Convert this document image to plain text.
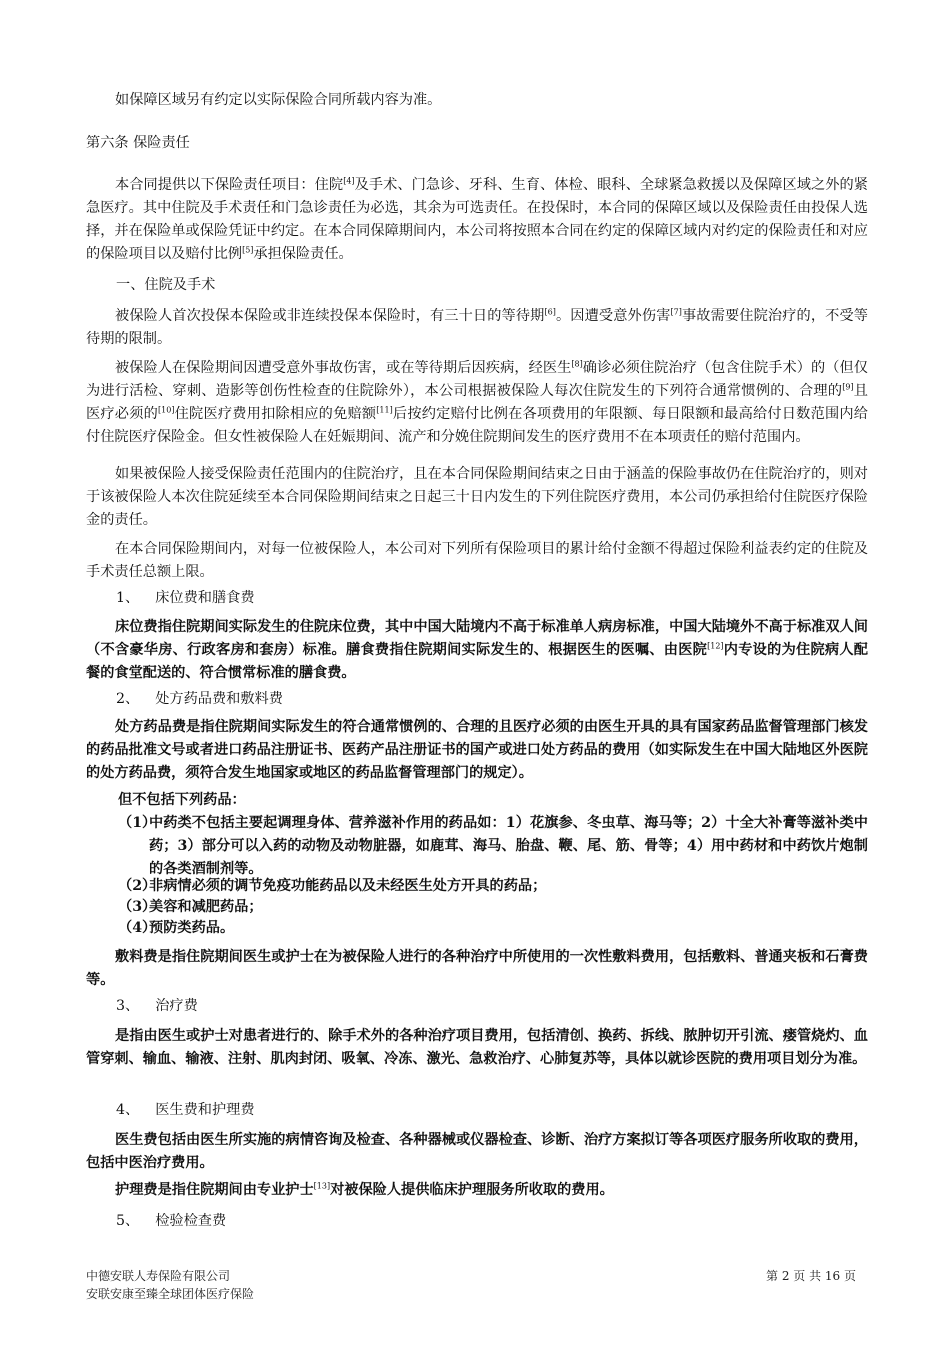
如保障区域另有约定以实际保险合同所载内容为准。

第六条 保险责任

本合同提供以下保险责任项目：住院[4]及手术、门急诊、牙科、生育、体检、眼科、全球紧急救援以及保障区域之外的紧急医疗。其中住院及手术责任和门急诊责任为必选，其余为可选责任。在投保时，本合同的保障区域以及保险责任由投保人选择，并在保险单或保险凭证中约定。在本合同保障期间内，本公司将按照本合同在约定的保障区域内对约定的保险责任和对应的保险项目以及赔付比例[5]承担保险责任。

一、住院及手术

被保险人首次投保本保险或非连续投保本保险时，有三十日的等待期[6]。因遭受意外伤害[7]事故需要住院治疗的，不受等待期的限制。

被保险人在保险期间因遭受意外事故伤害，或在等待期后因疾病，经医生[8]确诊必须住院治疗（包含住院手术）的（但仅为进行活检、穿刺、造影等创伤性检查的住院除外），本公司根据被保险人每次住院发生的下列符合通常惯例的、合理的[9]且医疗必须的[10]住院医疗费用扣除相应的免赔额[11]后按约定赔付比例在各项费用的年限额、每日限额和最高给付日数范围内给付住院医疗保险金。但女性被保险人在妊娠期间、流产和分娩住院期间发生的医疗费用不在本项责任的赔付范围内。

如果被保险人接受保险责任范围内的住院治疗，且在本合同保险期间结束之日由于涵盖的保险事故仍在住院治疗的，则对于该被保险人本次住院延续至本合同保险期间结束之日起三十日内发生的下列住院医疗费用，本公司仍承担给付住院医疗保险金的责任。

在本合同保险期间内，对每一位被保险人，本公司对下列所有保险项目的累计给付金额不得超过保险利益表约定的住院及手术责任总额上限。

1、 床位费和膳食费

床位费指住院期间实际发生的住院床位费，其中中国大陆境内不高于标准单人病房标准，中国大陆境外不高于标准双人间（不含豪华房、行政客房和套房）标准。膳食费指住院期间实际发生的、根据医生的医嘱、由医院[12]内专设的为住院病人配餐的食堂配送的、符合惯常标准的膳食费。

2、 处方药品费和敷料费

处方药品费是指住院期间实际发生的符合通常惯例的、合理的且医疗必须的由医生开具的具有国家药品监督管理部门核发的药品批准文号或者进口药品注册证书、医药产品注册证书的国产或进口处方药品的费用（如实际发生在中国大陆地区外医院的处方药品费，须符合发生地国家或地区的药品监督管理部门的规定）。

但不包括下列药品：

（1）
中药类不包括主要起调理身体、营养滋补作用的药品如：1）花旗参、冬虫草、海马等；2）十全大补膏等滋补类中药；3）部分可以入药的动物及动物脏器，如鹿茸、海马、胎盘、鞭、尾、筋、骨等；4）用中药材和中药饮片炮制的各类酒制剂等。
（2）
非病情必须的调节免疫功能药品以及未经医生处方开具的药品；
（3）
美容和减肥药品；
（4）
预防类药品。

敷料费是指住院期间医生或护士在为被保险人进行的各种治疗中所使用的一次性敷料费用，包括敷料、普通夹板和石膏费等。

3、 治疗费

是指由医生或护士对患者进行的、除手术外的各种治疗项目费用，包括清创、换药、拆线、脓肿切开引流、瘘管烧灼、血管穿刺、输血、输液、注射、肌肉封闭、吸氧、冷冻、激光、急救治疗、心肺复苏等，具体以就诊医院的费用项目划分为准。

4、 医生费和护理费

医生费包括由医生所实施的病情咨询及检查、各种器械或仪器检查、诊断、治疗方案拟订等各项医疗服务所收取的费用，包括中医治疗费用。

护理费是指住院期间由专业护士[13]对被保险人提供临床护理服务所收取的费用。

5、 检验检查费
中德安联人寿保险有限公司
安联安康至臻全球团体医疗保险
第 2 页 共 16 页
